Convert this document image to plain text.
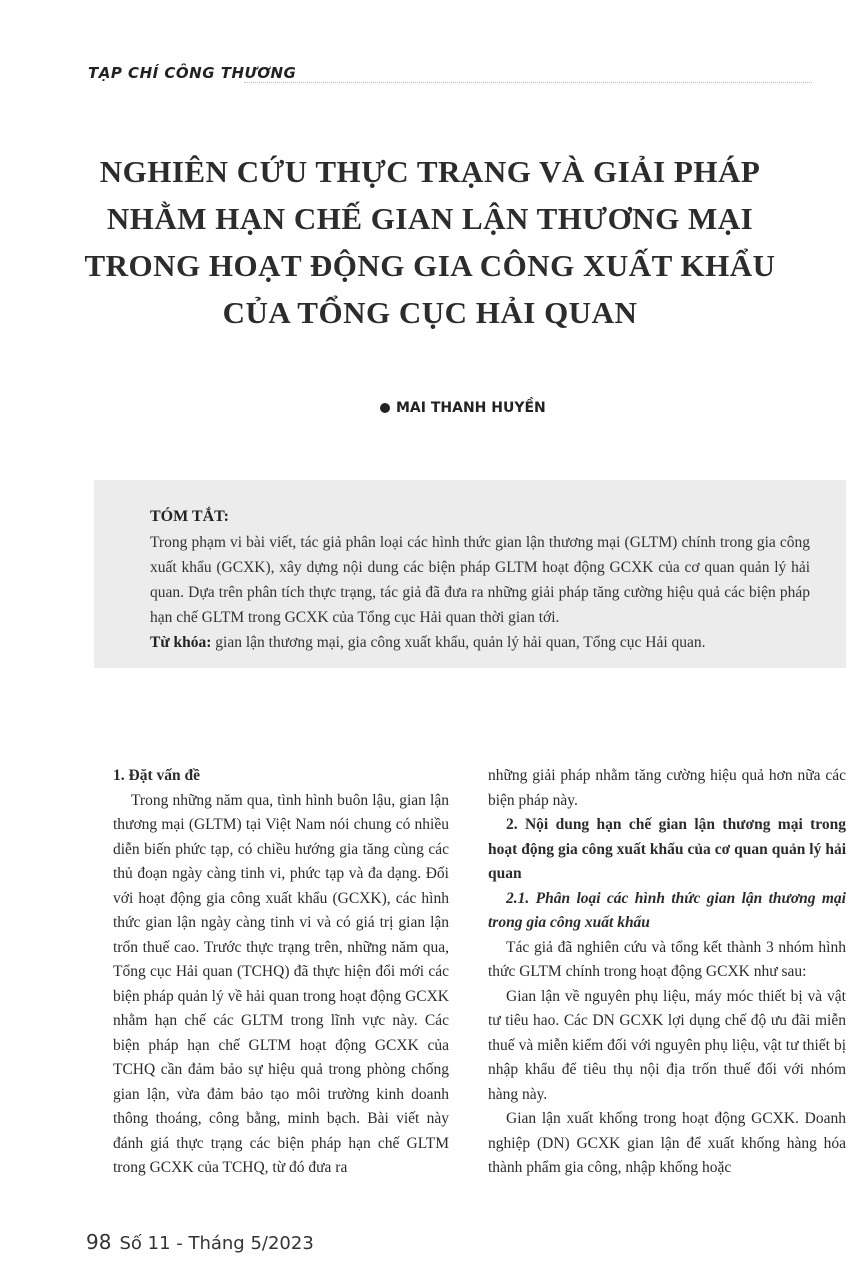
TẠP CHÍ CÔNG THƯƠNG
NGHIÊN CỨU THỰC TRẠNG VÀ GIẢI PHÁP
NHẰM HẠN CHẾ GIAN LẬN THƯƠNG MẠI
TRONG HOẠT ĐỘNG GIA CÔNG XUẤT KHẨU
CỦA TỔNG CỤC HẢI QUAN
MAI THANH HUYỀN
TÓM TẮT:
Trong phạm vi bài viết, tác giả phân loại các hình thức gian lận thương mại (GLTM) chính trong gia công xuất khẩu (GCXK), xây dựng nội dung các biện pháp GLTM hoạt động GCXK của cơ quan quản lý hải quan. Dựa trên phân tích thực trạng, tác giả đã đưa ra những giải pháp tăng cường hiệu quả các biện pháp hạn chế GLTM trong GCXK của Tổng cục Hải quan thời gian tới.
Từ khóa: gian lận thương mại, gia công xuất khẩu, quản lý hải quan, Tổng cục Hải quan.

1. Đặt vấn đề

Trong những năm qua, tình hình buôn lậu, gian lận thương mại (GLTM) tại Việt Nam nói chung có nhiều diễn biến phức tạp, có chiều hướng gia tăng cùng các thủ đoạn ngày càng tinh vi, phức tạp và đa dạng. Đối với hoạt động gia công xuất khẩu (GCXK), các hình thức gian lận ngày càng tinh vi và có giá trị gian lận trốn thuế cao. Trước thực trạng trên, những năm qua, Tổng cục Hải quan (TCHQ) đã thực hiện đổi mới các biện pháp quản lý về hải quan trong hoạt động GCXK nhằm hạn chế các GLTM trong lĩnh vực này. Các biện pháp hạn chế GLTM hoạt động GCXK của TCHQ cần đảm bảo sự hiệu quả trong phòng chống gian lận, vừa đảm bảo tạo môi trường kinh doanh thông thoáng, công bằng, minh bạch. Bài viết này đánh giá thực trạng các biện pháp hạn chế GLTM trong GCXK của TCHQ, từ đó đưa ra

những giải pháp nhằm tăng cường hiệu quả hơn nữa các biện pháp này.

2. Nội dung hạn chế gian lận thương mại trong hoạt động gia công xuất khẩu của cơ quan quản lý hải quan

2.1. Phân loại các hình thức gian lận thương mại trong gia công xuất khẩu

Tác giả đã nghiên cứu và tổng kết thành 3 nhóm hình thức GLTM chính trong hoạt động GCXK như sau:

Gian lận về nguyên phụ liệu, máy móc thiết bị và vật tư tiêu hao. Các DN GCXK lợi dụng chế độ ưu đãi miễn thuế và miễn kiểm đối với nguyên phụ liệu, vật tư thiết bị nhập khẩu để tiêu thụ nội địa trốn thuế đối với nhóm hàng này.

Gian lận xuất khống trong hoạt động GCXK. Doanh nghiệp (DN) GCXK gian lận để xuất khống hàng hóa thành phẩm gia công, nhập khống hoặc

98 Số 11 - Tháng 5/2023
